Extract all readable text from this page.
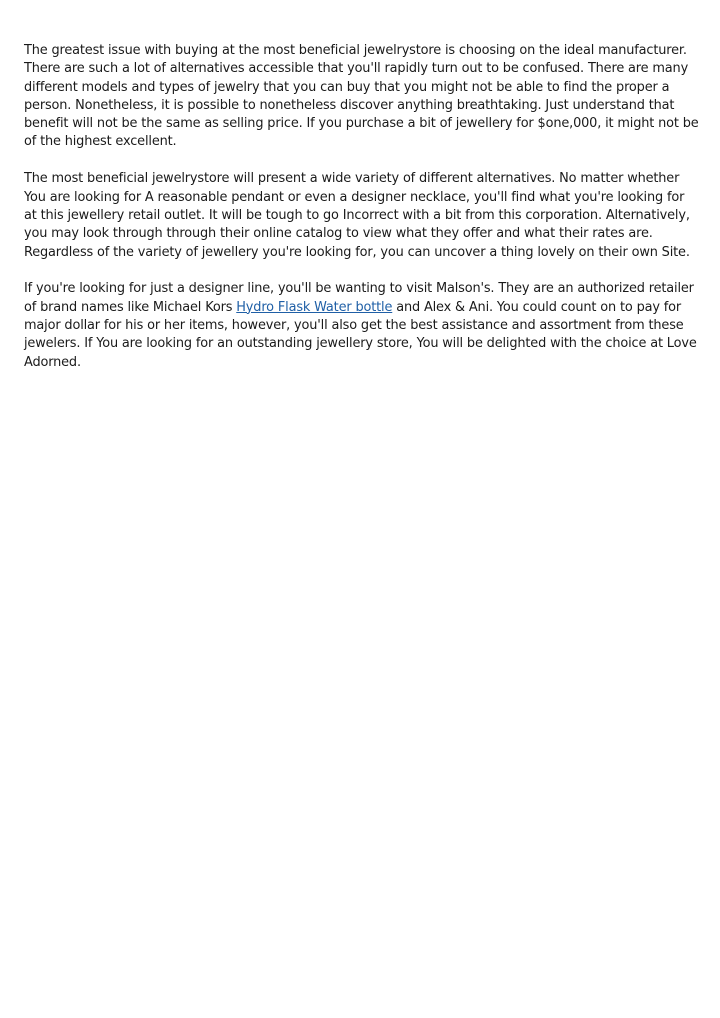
The greatest issue with buying at the most beneficial jewelrystore is choosing on the ideal manufacturer. There are such a lot of alternatives accessible that you'll rapidly turn out to be confused. There are many different models and types of jewelry that you can buy that you might not be able to find the proper a person. Nonetheless, it is possible to nonetheless discover anything breathtaking. Just understand that benefit will not be the same as selling price. If you purchase a bit of jewellery for $one,000, it might not be of the highest excellent.

The most beneficial jewelrystore will present a wide variety of different alternatives. No matter whether You are looking for A reasonable pendant or even a designer necklace, you'll find what you're looking for at this jewellery retail outlet. It will be tough to go Incorrect with a bit from this corporation. Alternatively, you may look through through their online catalog to view what they offer and what their rates are. Regardless of the variety of jewellery you're looking for, you can uncover a thing lovely on their own Site.

If you're looking for just a designer line, you'll be wanting to visit Malson's. They are an authorized retailer of brand names like Michael Kors Hydro Flask Water bottle and Alex & Ani. You could count on to pay for major dollar for his or her items, however, you'll also get the best assistance and assortment from these jewelers. If You are looking for an outstanding jewellery store, You will be delighted with the choice at Love Adorned.
